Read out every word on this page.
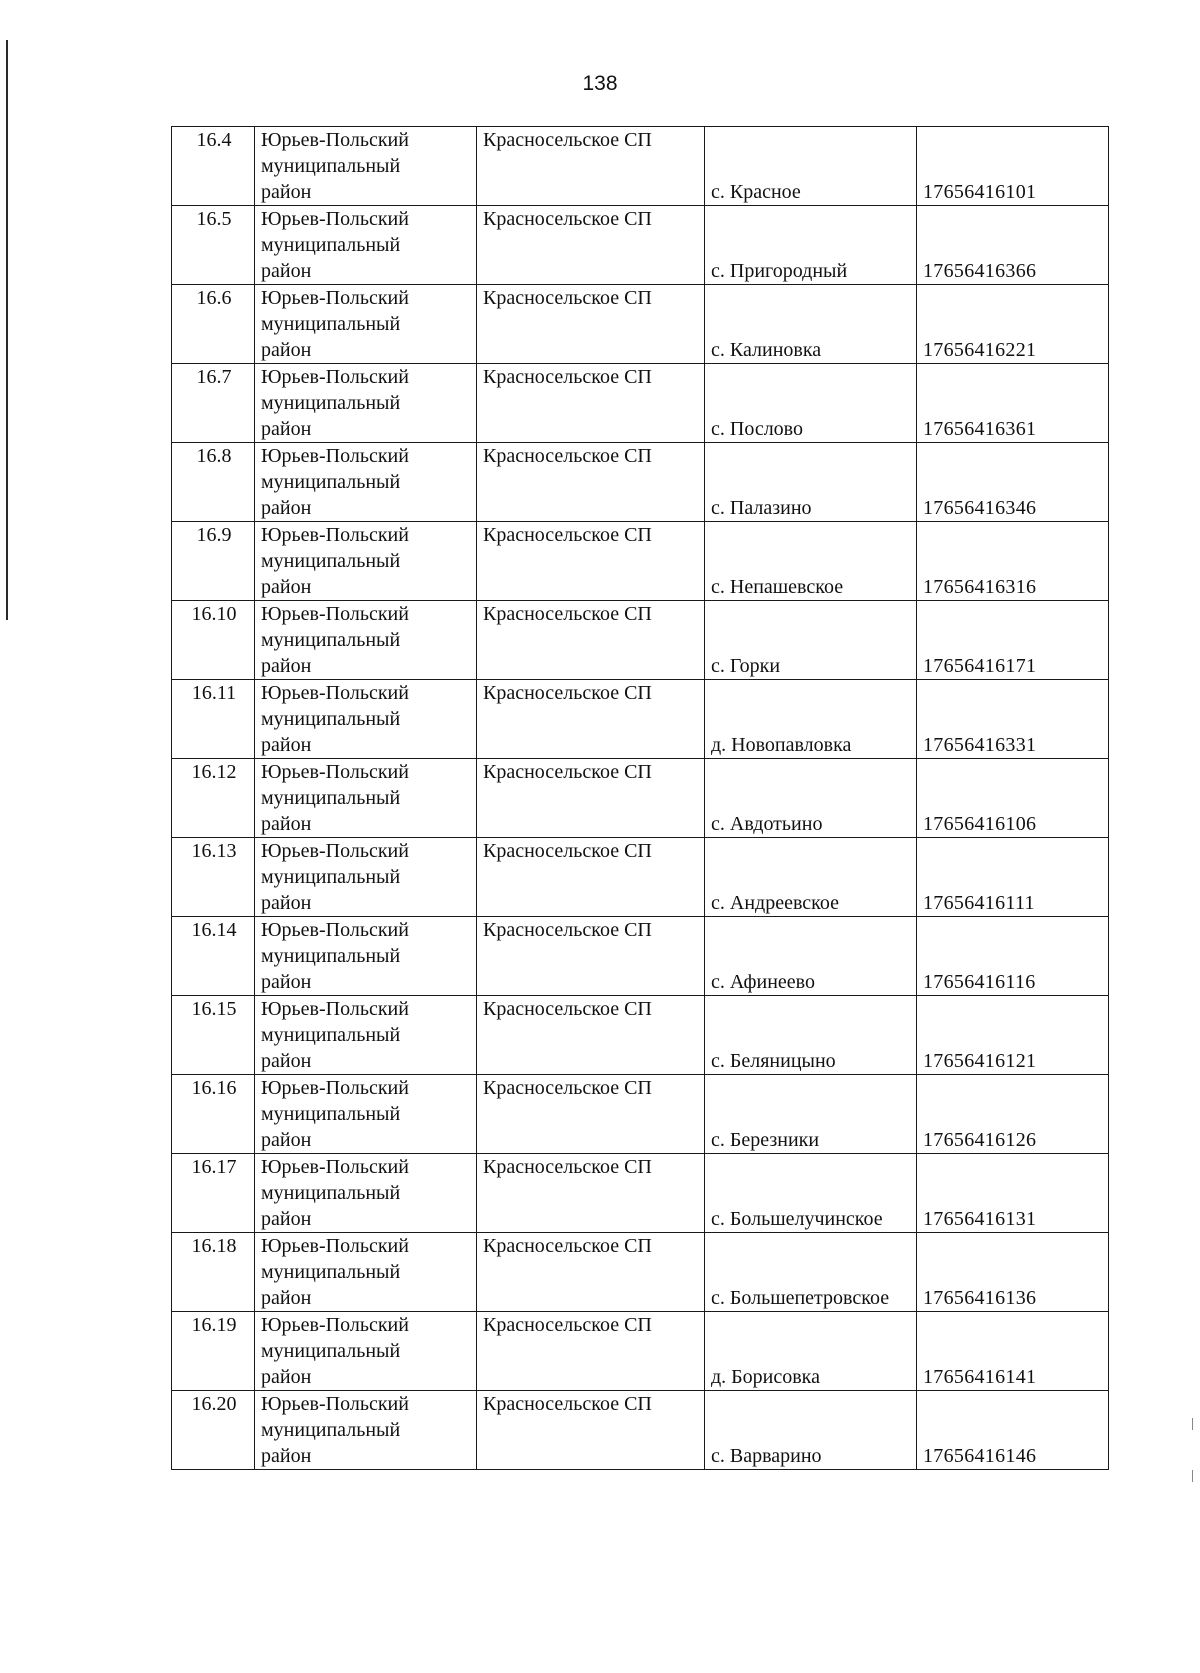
138
16.4	Юрьев-Польский
муниципальный
район	Красносельское СП	с. Красное	17656416101
16.5	Юрьев-Польский
муниципальный
район	Красносельское СП	с. Пригородный	17656416366
16.6	Юрьев-Польский
муниципальный
район	Красносельское СП	с. Калиновка	17656416221
16.7	Юрьев-Польский
муниципальный
район	Красносельское СП	с. Послово	17656416361
16.8	Юрьев-Польский
муниципальный
район	Красносельское СП	с. Палазино	17656416346
16.9	Юрьев-Польский
муниципальный
район	Красносельское СП	с. Непашевское	17656416316
16.10	Юрьев-Польский
муниципальный
район	Красносельское СП	с. Горки	17656416171
16.11	Юрьев-Польский
муниципальный
район	Красносельское СП	д. Новопавловка	17656416331
16.12	Юрьев-Польский
муниципальный
район	Красносельское СП	с. Авдотьино	17656416106
16.13	Юрьев-Польский
муниципальный
район	Красносельское СП	с. Андреевское	17656416111
16.14	Юрьев-Польский
муниципальный
район	Красносельское СП	с. Афинеево	17656416116
16.15	Юрьев-Польский
муниципальный
район	Красносельское СП	с. Беляницыно	17656416121
16.16	Юрьев-Польский
муниципальный
район	Красносельское СП	с. Березники	17656416126
16.17	Юрьев-Польский
муниципальный
район	Красносельское СП	с. Большелучинское	17656416131
16.18	Юрьев-Польский
муниципальный
район	Красносельское СП	с. Большепетровское	17656416136
16.19	Юрьев-Польский
муниципальный
район	Красносельское СП	д. Борисовка	17656416141
16.20	Юрьев-Польский
муниципальный
район	Красносельское СП	с. Варварино	17656416146
